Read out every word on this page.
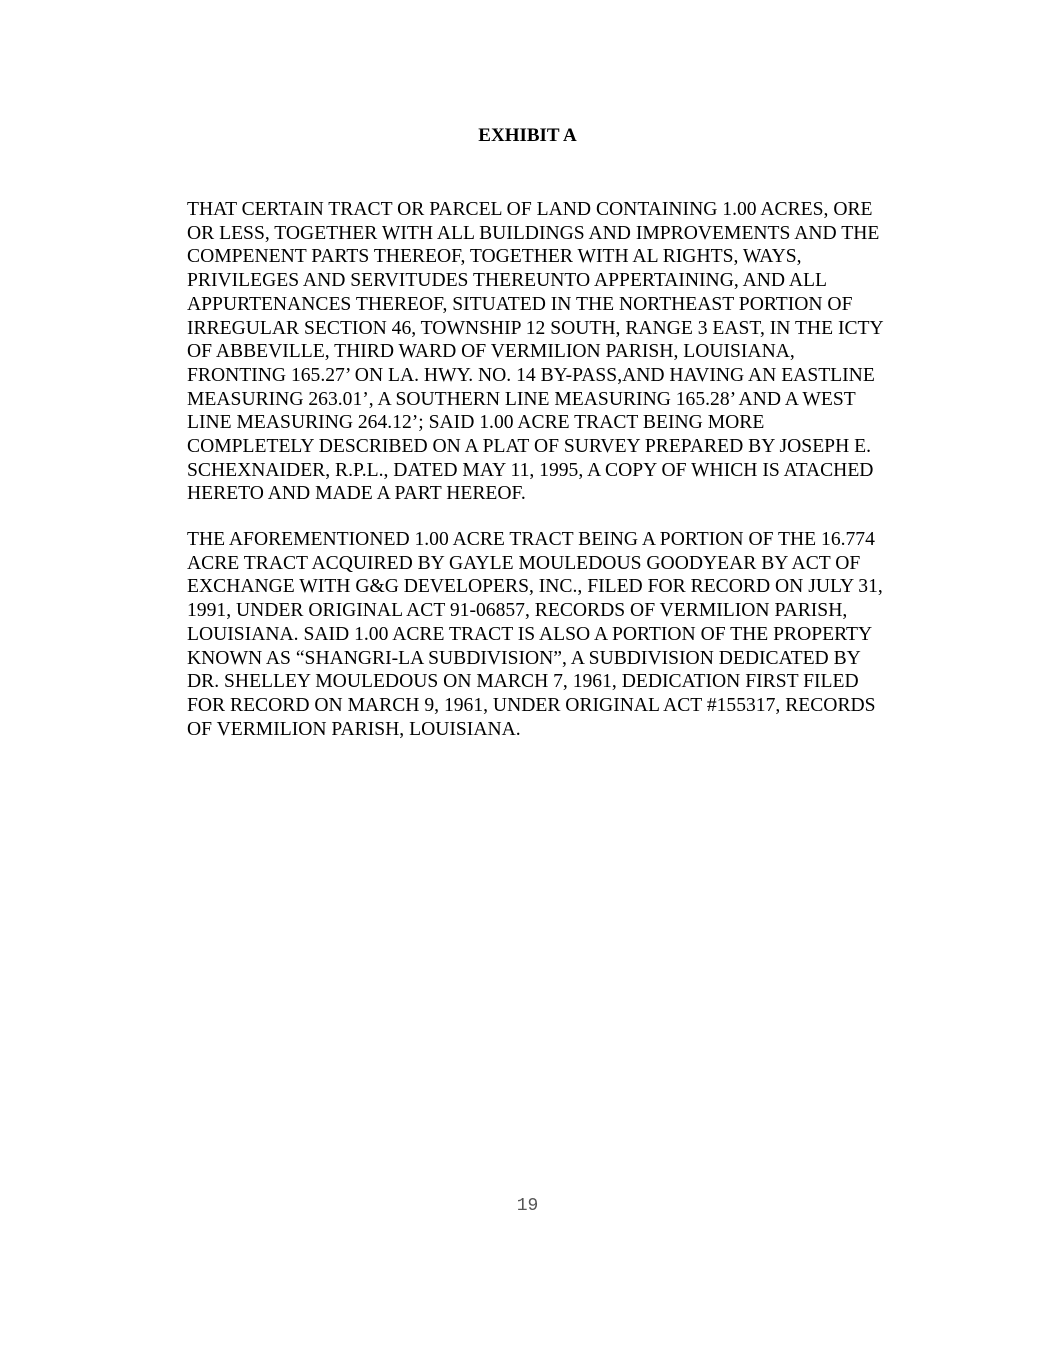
EXHIBIT A

THAT CERTAIN TRACT OR PARCEL OF LAND CONTAINING 1.00 ACRES, ORE
OR LESS, TOGETHER WITH ALL BUILDINGS AND IMPROVEMENTS AND THE
COMPENENT PARTS THEREOF, TOGETHER WITH AL RIGHTS, WAYS,
PRIVILEGES AND SERVITUDES THEREUNTO APPERTAINING, AND ALL
APPURTENANCES THEREOF, SITUATED IN THE NORTHEAST PORTION OF
IRREGULAR SECTION 46, TOWNSHIP 12 SOUTH, RANGE 3 EAST, IN THE ICTY
OF ABBEVILLE, THIRD WARD OF VERMILION PARISH, LOUISIANA,
FRONTING 165.27’ ON LA. HWY. NO. 14 BY-PASS,AND HAVING AN EASTLINE
MEASURING 263.01’, A SOUTHERN LINE MEASURING 165.28’ AND A WEST
LINE MEASURING 264.12’; SAID 1.00 ACRE TRACT BEING MORE
COMPLETELY DESCRIBED ON A PLAT OF SURVEY PREPARED BY JOSEPH E.
SCHEXNAIDER, R.P.L., DATED MAY 11, 1995, A COPY OF WHICH IS ATACHED
HERETO AND MADE A PART HEREOF.

THE AFOREMENTIONED 1.00 ACRE TRACT BEING A PORTION OF THE 16.774
ACRE TRACT ACQUIRED BY GAYLE MOULEDOUS GOODYEAR BY ACT OF
EXCHANGE WITH G&G DEVELOPERS, INC., FILED FOR RECORD ON JULY 31,
1991, UNDER ORIGINAL ACT 91-06857, RECORDS OF VERMILION PARISH,
LOUISIANA. SAID 1.00 ACRE TRACT IS ALSO A PORTION OF THE PROPERTY
KNOWN AS “SHANGRI-LA SUBDIVISION”, A SUBDIVISION DEDICATED BY
DR. SHELLEY MOULEDOUS ON MARCH 7, 1961, DEDICATION FIRST FILED
FOR RECORD ON MARCH 9, 1961, UNDER ORIGINAL ACT #155317, RECORDS
OF VERMILION PARISH, LOUISIANA.

19
